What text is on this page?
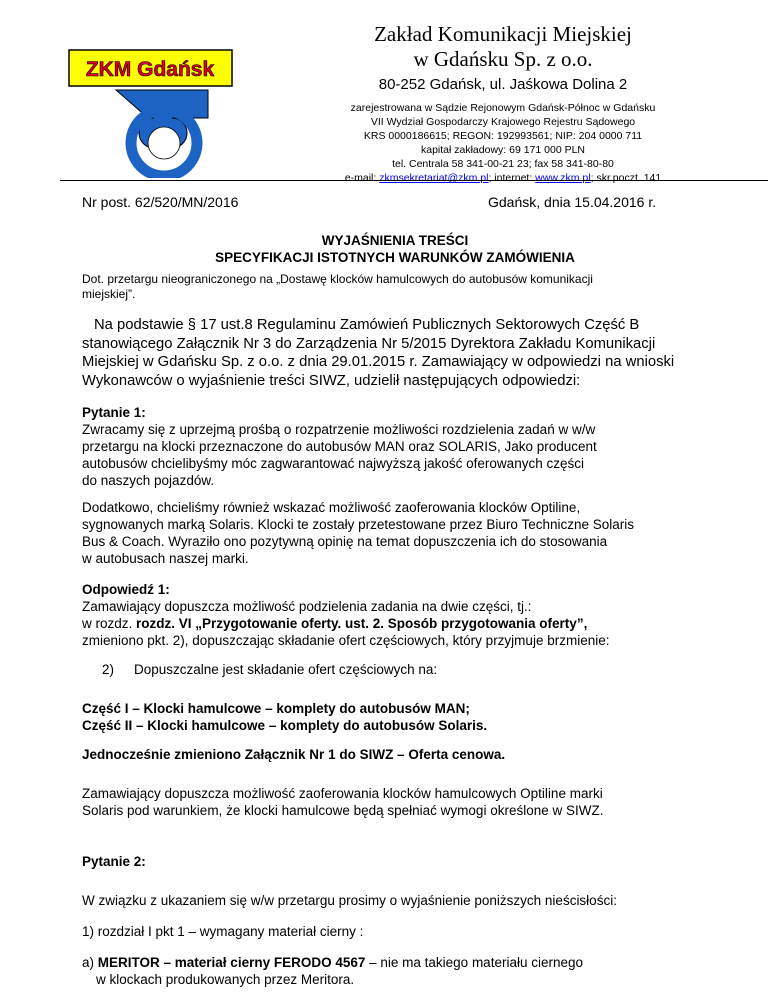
ZKM Gdańsk
Zakład Komunikacji Miejskiej
w Gdańsku Sp. z o.o.
80-252 Gdańsk, ul. Jaśkowa Dolina 2
zarejestrowana w Sądzie Rejonowym Gdańsk-Północ w Gdańsku
VII Wydział Gospodarczy Krajowego Rejestru Sądowego
KRS 0000186615; REGON: 192993561; NIP: 204 0000 711
kapitał zakładowy: 69 171 000 PLN
tel. Centrala 58 341-00-21 23; fax 58 341-80-80
e-mail: zkmsekretariat@zkm.pl; internet: www.zkm.pl; skr.poczt. 141
Nr post. 62/520/MN/2016	Gdańsk, dnia 15.04.2016 r.
WYJAŚNIENIA TREŚCI
SPECYFIKACJI ISTOTNYCH WARUNKÓW ZAMÓWIENIA

Dot. przetargu nieograniczonego na „Dostawę klocków hamulcowych do autobusów komunikacji
miejskiej”.

Na podstawie § 17 ust.8 Regulaminu Zamówień Publicznych Sektorowych Część B
stanowiącego Załącznik Nr 3 do Zarządzenia Nr 5/2015 Dyrektora Zakładu Komunikacji
Miejskiej w Gdańsku Sp. z o.o. z dnia 29.01.2015 r. Zamawiający w odpowiedzi na wnioski
Wykonawców o wyjaśnienie treści SIWZ, udzielił następujących odpowiedzi:

Pytanie 1:

Zwracamy się z uprzejmą prośbą o rozpatrzenie możliwości rozdzielenia zadań w w/w
przetargu na klocki przeznaczone do autobusów MAN oraz SOLARIS, Jako producent
autobusów chcielibyśmy móc zagwarantować najwyższą jakość oferowanych części
do naszych pojazdów.

Dodatkowo, chcieliśmy również wskazać możliwość zaoferowania klocków Optiline,
sygnowanych marką Solaris. Klocki te zostały przetestowane przez Biuro Techniczne Solaris
Bus & Coach. Wyraziło ono pozytywną opinię na temat dopuszczenia ich do stosowania
w autobusach naszej marki.

Odpowiedź 1:

Zamawiający dopuszcza możliwość podzielenia zadania na dwie części, tj.:
w rozdz. rozdz. VI „Przygotowanie oferty. ust. 2. Sposób przygotowania oferty”,
zmieniono pkt. 2), dopuszczając składanie ofert częściowych, który przyjmuje brzmienie:

2) Dopuszczalne jest składanie ofert częściowych na:

Część I – Klocki hamulcowe – komplety do autobusów MAN;
Część II – Klocki hamulcowe – komplety do autobusów Solaris.

Jednocześnie zmieniono Załącznik Nr 1 do SIWZ – Oferta cenowa.

Zamawiający dopuszcza możliwość zaoferowania klocków hamulcowych Optiline marki
Solaris pod warunkiem, że klocki hamulcowe będą spełniać wymogi określone w SIWZ.

Pytanie 2:

W związku z ukazaniem się w/w przetargu prosimy o wyjaśnienie poniższych nieścisłości:

1) rozdział I pkt 1 – wymagany materiał cierny :

a) MERITOR – materiał cierny FERODO 4567 – nie ma takiego materiału ciernego
w klockach produkowanych przez Meritora.
